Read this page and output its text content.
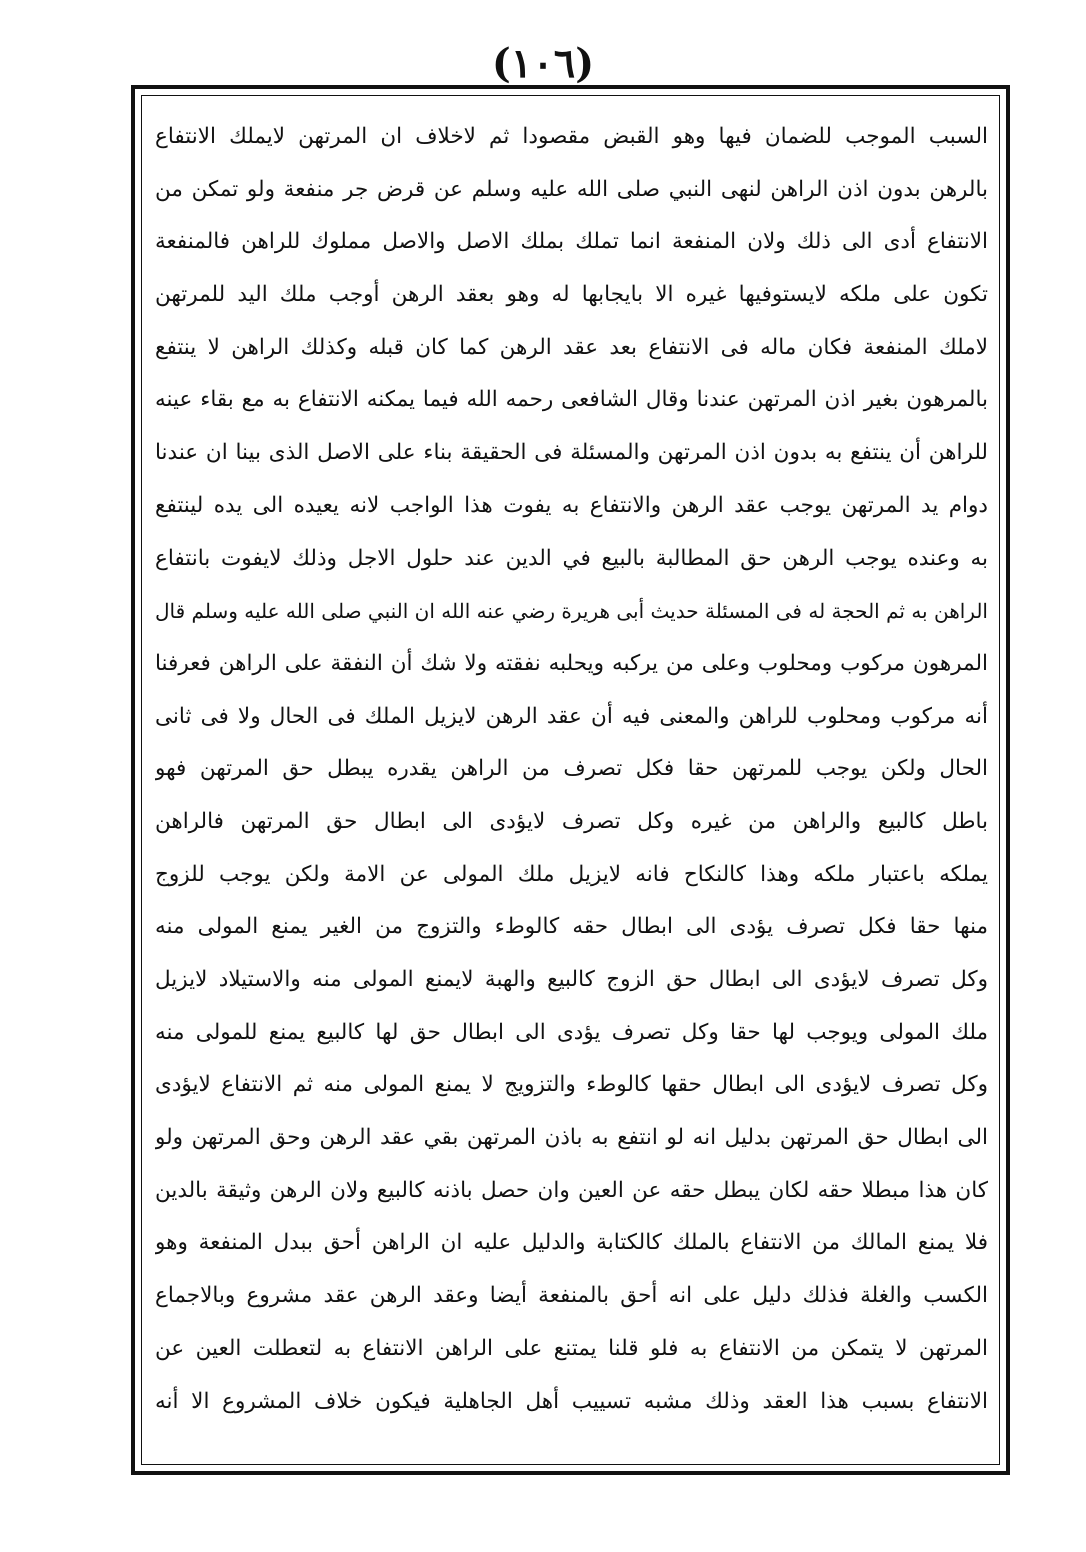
(١٠٦)
السبب الموجب للضمان فيها وهو القبض مقصودا ثم لاخلاف ان المرتهن لايملك الانتفاع
بالرهن بدون اذن الراهن لنهى النبي صلى الله عليه وسلم عن قرض جر منفعة ولو تمكن من
الانتفاع أدى الى ذلك ولان المنفعة انما تملك بملك الاصل والاصل مملوك للراهن فالمنفعة
تكون على ملكه لايستوفيها غيره الا بايجابها له وهو بعقد الرهن أوجب ملك اليد للمرتهن
لاملك المنفعة فكان ماله فى الانتفاع بعد عقد الرهن كما كان قبله وكذلك الراهن لا ينتفع
بالمرهون بغير اذن المرتهن عندنا وقال الشافعى رحمه الله فيما يمكنه الانتفاع به مع بقاء عينه
للراهن أن ينتفع به بدون اذن المرتهن والمسئلة فى الحقيقة بناء على الاصل الذى بينا ان عندنا
دوام يد المرتهن يوجب عقد الرهن والانتفاع به يفوت هذا الواجب لانه يعيده الى يده لينتفع
به وعنده يوجب الرهن حق المطالبة بالبيع في الدين عند حلول الاجل وذلك لايفوت بانتفاع
الراهن به ثم الحجة له فى المسئلة حديث أبى هريرة رضي عنه الله ان النبي صلى الله عليه وسلم قال
المرهون مركوب ومحلوب وعلى من يركبه ويحلبه نفقته ولا شك أن النفقة على الراهن فعرفنا
أنه مركوب ومحلوب للراهن والمعنى فيه أن عقد الرهن لايزيل الملك فى الحال ولا فى ثانى
الحال ولكن يوجب للمرتهن حقا فكل تصرف من الراهن يقدره يبطل حق المرتهن فهو
باطل كالبيع والراهن من غيره وكل تصرف لايؤدى الى ابطال حق المرتهن فالراهن
يملكه باعتبار ملكه وهذا كالنكاح فانه لايزيل ملك المولى عن الامة ولكن يوجب للزوج
منها حقا فكل تصرف يؤدى الى ابطال حقه كالوطء والتزوج من الغير يمنع المولى منه
وكل تصرف لايؤدى الى ابطال حق الزوج كالبيع والهبة لايمنع المولى منه والاستيلاد لايزيل
ملك المولى ويوجب لها حقا وكل تصرف يؤدى الى ابطال حق لها كالبيع يمنع للمولى منه
وكل تصرف لايؤدى الى ابطال حقها كالوطء والتزويج لا يمنع المولى منه ثم الانتفاع لايؤدى
الى ابطال حق المرتهن بدليل انه لو انتفع به باذن المرتهن بقي عقد الرهن وحق المرتهن ولو
كان هذا مبطلا حقه لكان يبطل حقه عن العين وان حصل باذنه كالبيع ولان الرهن وثيقة بالدين
فلا يمنع المالك من الانتفاع بالملك كالكتابة والدليل عليه ان الراهن أحق ببدل المنفعة وهو
الكسب والغلة فذلك دليل على انه أحق بالمنفعة أيضا وعقد الرهن عقد مشروع وبالاجماع
المرتهن لا يتمكن من الانتفاع به فلو قلنا يمتنع على الراهن الانتفاع به لتعطلت العين عن
الانتفاع بسبب هذا العقد وذلك مشبه تسييب أهل الجاهلية فيكون خلاف المشروع الا أنه
